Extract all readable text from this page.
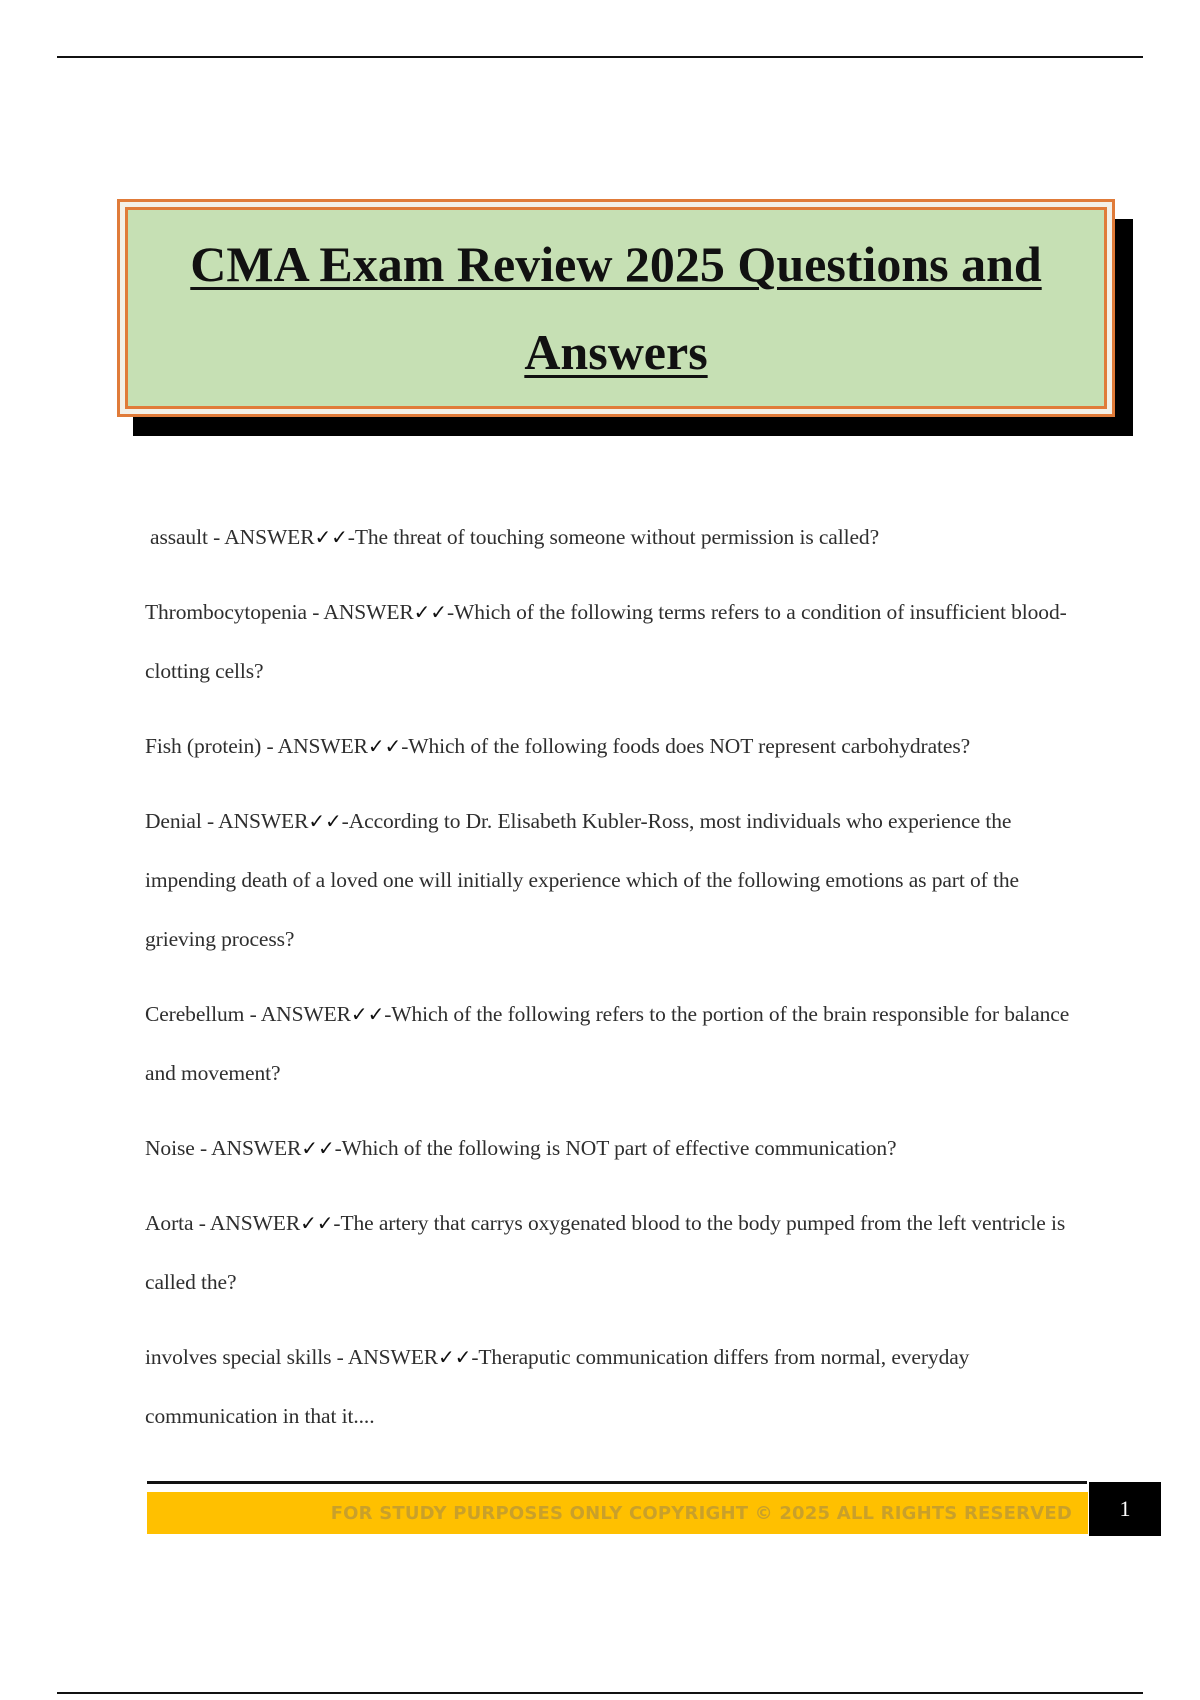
CMA Exam Review 2025 Questions and Answers

assault - ANSWER✓✓-The threat of touching someone without permission is called?

Thrombocytopenia - ANSWER✓✓-Which of the following terms refers to a condition of insufficient blood-clotting cells?

Fish (protein) - ANSWER✓✓-Which of the following foods does NOT represent carbohydrates?

Denial - ANSWER✓✓-According to Dr. Elisabeth Kubler-Ross, most individuals who experience the impending death of a loved one will initially experience which of the following emotions as part of the grieving process?

Cerebellum - ANSWER✓✓-Which of the following refers to the portion of the brain responsible for balance and movement?

Noise - ANSWER✓✓-Which of the following is NOT part of effective communication?

Aorta - ANSWER✓✓-The artery that carrys oxygenated blood to the body pumped from the left ventricle is called the?

involves special skills - ANSWER✓✓-Theraputic communication differs from normal, everyday communication in that it....

FOR STUDY PURPOSES ONLY COPYRIGHT © 2025 ALL RIGHTS RESERVED	1
